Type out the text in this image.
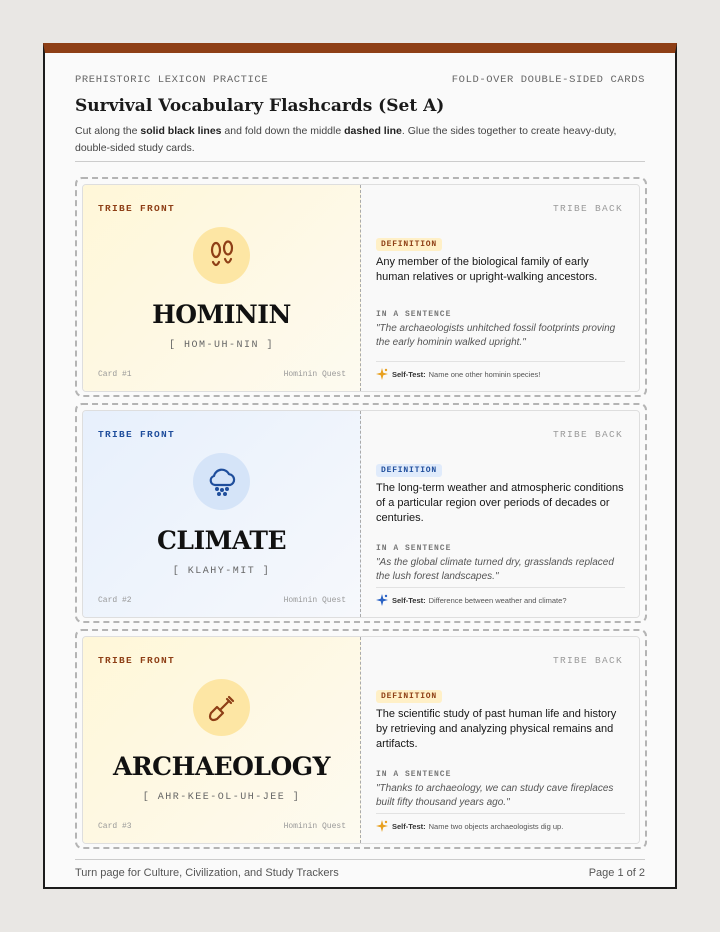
PREHISTORIC LEXICON PRACTICE	FOLD-OVER DOUBLE-SIDED CARDS
Survival Vocabulary Flashcards (Set A)
Cut along the solid black lines and fold down the middle dashed line. Glue the sides together to create heavy-duty, double-sided study cards.
TRIBE FRONT
HOMININ
[ HOM-UH-NIN ]
Card #1	Hominin Quest
TRIBE BACK
DEFINITION
Any member of the biological family of early human relatives or upright-walking ancestors.
IN A SENTENCE
"The archaeologists unhitched fossil footprints proving the early hominin walked upright."
Self-Test: Name one other hominin species!
TRIBE FRONT
CLIMATE
[ KLAHY-MIT ]
Card #2	Hominin Quest
TRIBE BACK
DEFINITION
The long-term weather and atmospheric conditions of a particular region over periods of decades or centuries.
IN A SENTENCE
"As the global climate turned dry, grasslands replaced the lush forest landscapes."
Self-Test: Difference between weather and climate?
TRIBE FRONT
ARCHAEOLOGY
[ AHR-KEE-OL-UH-JEE ]
Card #3	Hominin Quest
TRIBE BACK
DEFINITION
The scientific study of past human life and history by retrieving and analyzing physical remains and artifacts.
IN A SENTENCE
"Thanks to archaeology, we can study cave fireplaces built fifty thousand years ago."
Self-Test: Name two objects archaeologists dig up.
Turn page for Culture, Civilization, and Study Trackers	Page 1 of 2
